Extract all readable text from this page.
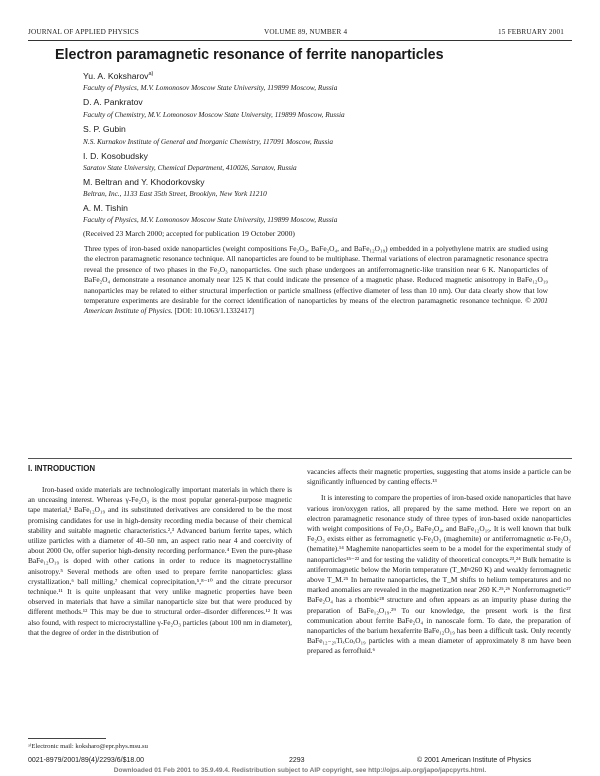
JOURNAL OF APPLIED PHYSICS	VOLUME 89, NUMBER 4	15 FEBRUARY 2001
Electron paramagnetic resonance of ferrite nanoparticles
Yu. A. Koksharov$^{a)}$
Faculty of Physics, M.V. Lomonosov Moscow State University, 119899 Moscow, Russia
D. A. Pankratov
Faculty of Chemistry, M.V. Lomonosov Moscow State University, 119899 Moscow, Russia
S. P. Gubin
N.S. Kurnakov Institute of General and Inorganic Chemistry, 117091 Moscow, Russia
I. D. Kosobudsky
Saratov State University, Chemical Department, 410026, Saratov, Russia
M. Beltran and Y. Khodorkovsky
Beltran, Inc., 1133 East 35th Street, Brooklyn, New York 11210
A. M. Tishin
Faculty of Physics, M.V. Lomonosov Moscow State University, 119899 Moscow, Russia
(Received 23 March 2000; accepted for publication 19 October 2000)
Three types of iron-based oxide nanoparticles (weight compositions Fe₂O₃, BaFe₂O₄, and BaFe₁₂O₁₉) embedded in a polyethylene matrix are studied using the electron paramagnetic resonance technique. All nanoparticles are found to be multiphase. Thermal variations of electron paramagnetic resonance spectra reveal the presence of two phases in the Fe₂O₃ nanoparticles. One such phase undergoes an antiferromagnetic-like transition near 6 K. Nanoparticles of BaFe₂O₄ demonstrate a resonance anomaly near 125 K that could indicate the presence of a magnetic phase. Reduced magnetic anisotropy in BaFe₁₂O₁₉ nanoparticles may be related to either structural imperfection or particle smallness (effective diameter of less than 10 nm). Our data clearly show that low temperature experiments are desirable for the correct identification of nanoparticles by means of the electron paramagnetic resonance technique. © 2001 American Institute of Physics. [DOI: 10.1063/1.1332417]
I. INTRODUCTION

Iron-based oxide materials are technologically important materials in which there is an unceasing interest. Whereas γ-Fe₂O₃ is the most popular general-purpose magnetic tape material,¹ BaFe₁₂O₁₉ and its substituted derivatives are considered to be the most promising candidates for use in high-density recording media because of their chemical stability and suitable magnetic characteristics.²,³ Advanced barium ferrite tapes, which utilize particles with a diameter of 40–50 nm, an aspect ratio near 4 and coercivity of about 2000 Oe, offer superior high-density recording performance.⁴ Even the pure-phase BaFe₁₂O₁₉ is doped with other cations in order to reduce its magnetocrystalline anisotropy.⁵ Several methods are often used to prepare ferrite nanoparticles: glass crystallization,⁶ ball milling,⁷ chemical coprecipitation,⁵,⁸⁻¹⁰ and the citrate precursor technique.¹¹ It is quite unpleasant that very unlike magnetic properties have been observed in materials that have a similar nanoparticle size but that were produced by different methods.¹² This may be due to structural order–disorder differences.¹² It was also found, with respect to microcrystalline γ-Fe₂O₃ particles (about 100 nm in diameter), that the degree of order in the distribution of

vacancies affects their magnetic properties, suggesting that atoms inside a particle can be significantly influenced by canting effects.¹³

It is interesting to compare the properties of iron-based oxide nanoparticles that have various iron/oxygen ratios, all prepared by the same method. Here we report on an electron paramagnetic resonance study of three types of iron-based oxide nanoparticles with weight compositions of Fe₂O₃, BaFe₂O₄, and BaFe₁₂O₁₉. It is well known that bulk Fe₂O₃ exists either as ferromagnetic γ-Fe₂O₃ (maghemite) or antiferromagnetic α-Fe₂O₃ (hematite).¹⁴ Maghemite nanoparticles seem to be a model for the experimental study of nanoparticles¹⁵⁻²² and for testing the validity of theoretical concepts.²³,²⁴ Bulk hematite is antiferromagnetic below the Morin temperature (T_M≈260 K) and weakly ferromagnetic above T_M.²⁵ In hematite nanoparticles, the T_M shifts to helium temperatures and no marked anomalies are revealed in the magnetization near 260 K.²⁵,²⁶ Nonferromagnetic²⁷ BaFe₂O₄ has a rhombic²⁸ structure and often appears as an impurity phase during the preparation of BaFe₁₂O₁₉.²⁹ To our knowledge, the present work is the first communication about ferrite BaFe₂O₄ in nanoscale form. To date, the preparation of nanoparticles of the barium hexaferrite BaFe₁₂O₁₉ has been a difficult task. Only recently BaFe₁₂₋₂ₓTiₓCoₓO₁₉ particles with a mean diameter of approximately 8 nm have been prepared as ferrofluid.⁶

ᵃ⁾Electronic mail: koksharo@epr.phys.msu.su
0021-8979/2001/89(4)/2293/6/$18.00	2293	© 2001 American Institute of Physics
Downloaded 01 Feb 2001 to 35.9.49.4. Redistribution subject to AIP copyright, see http://ojps.aip.org/japo/japcpyrts.html.
